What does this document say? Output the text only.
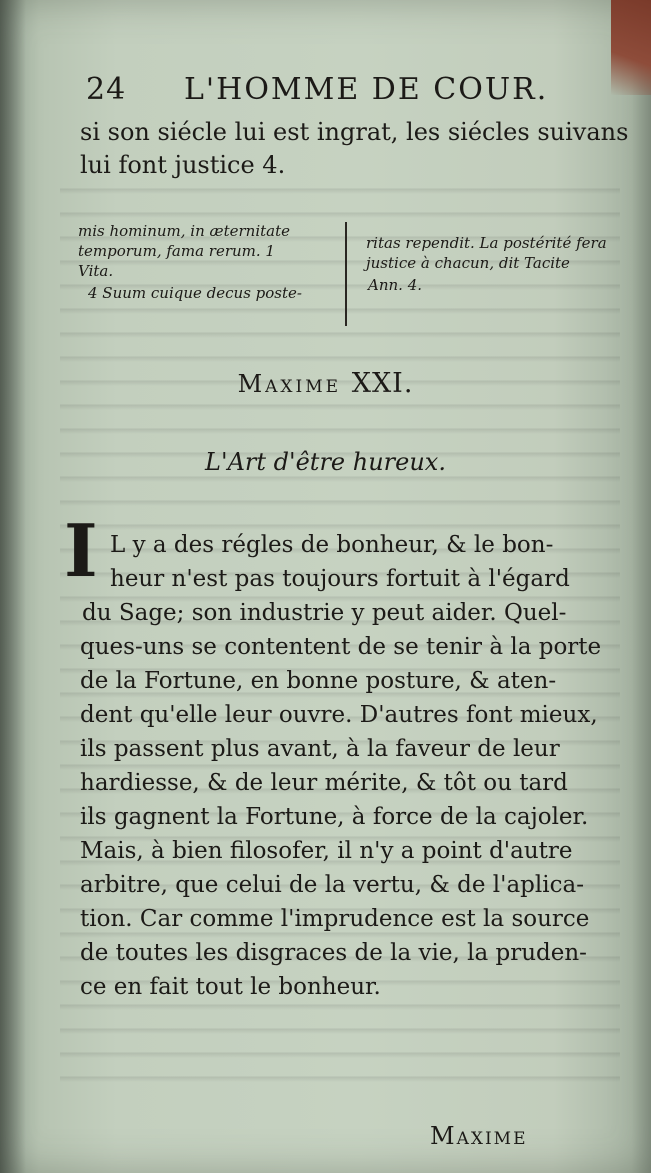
24 L'HOMME DE COUR.
si son siécle lui est ingrat, les siécles suivans
lui font justice 4.
mis hominum, in æternitate
temporum, fama rerum. 1
Vita.
4 Suum cuique decus poste-
ritas rependit. La postérité fera
justice à chacun, dit Tacite
Ann. 4.
Maxime XXI.
L'Art d'être hureux.
I L y a des régles de bonheur, & le bon-
heur n'est pas toujours fortuit à l'égard
du Sage; son industrie y peut aider. Quel-
ques-uns se contentent de se tenir à la porte
de la Fortune, en bonne posture, & aten-
dent qu'elle leur ouvre. D'autres font mieux,
ils passent plus avant, à la faveur de leur
hardiesse, & de leur mérite, & tôt ou tard
ils gagnent la Fortune, à force de la cajoler.
Mais, à bien filosofer, il n'y a point d'autre
arbitre, que celui de la vertu, & de l'aplica-
tion. Car comme l'imprudence est la source
de toutes les disgraces de la vie, la pruden-
ce en fait tout le bonheur.
Maxime
